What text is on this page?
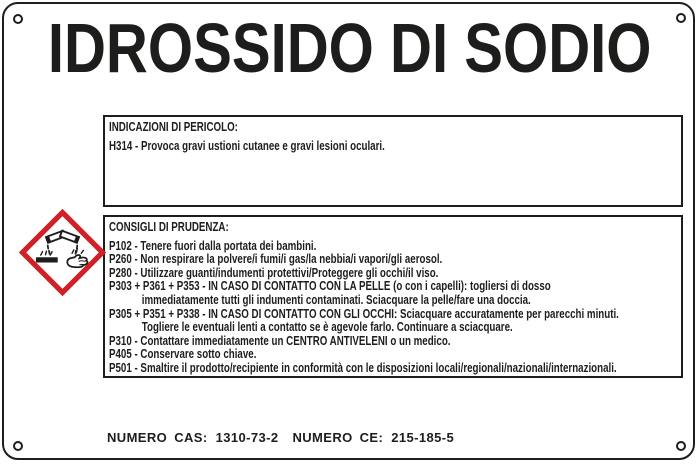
IDROSSIDO DI SODIO
INDICAZIONI DI PERICOLO:
H314 - Provoca gravi ustioni cutanee e gravi lesioni oculari.
CONSIGLI DI PRUDENZA:
P102 - Tenere fuori dalla portata dei bambini.
P260 - Non respirare la polvere/i fumi/i gas/la nebbia/i vapori/gli aerosol.
P280 - Utilizzare guanti/indumenti protettivi/Proteggere gli occhi/il viso.
P303 + P361 + P353 - IN CASO DI CONTATTO CON LA PELLE (o con i capelli): togliersi di dosso
immediatamente tutti gli indumenti contaminati. Sciacquare la pelle/fare una doccia.
P305 + P351 + P338 - IN CASO DI CONTATTO CON GLI OCCHI: Sciacquare accuratamente per parecchi minuti.
Togliere le eventuali lenti a contatto se è agevole farlo. Continuare a sciacquare.
P310 - Contattare immediatamente un CENTRO ANTIVELENI o un medico.
P405 - Conservare sotto chiave.
P501 - Smaltire il prodotto/recipiente in conformità con le disposizioni locali/regionali/nazionali/internazionali.
NUMERO CAS: 1310-73-2 NUMERO CE: 215-185-5
